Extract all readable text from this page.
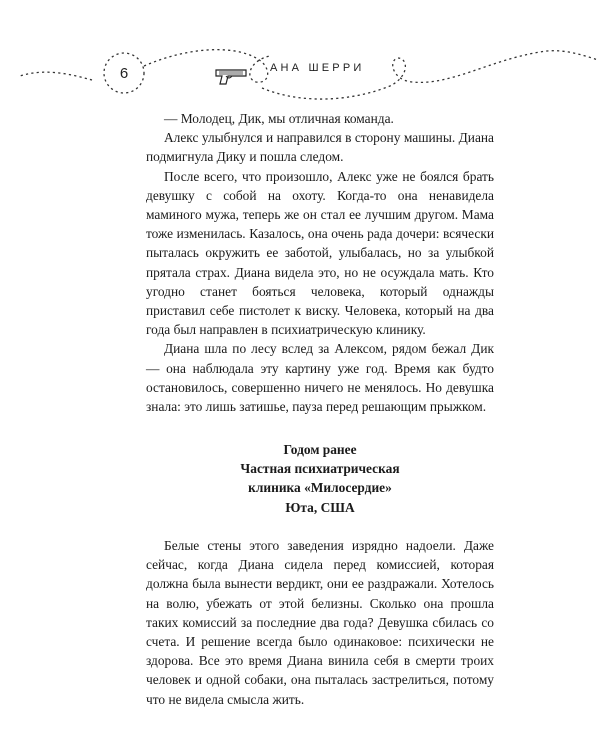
6	АНА ШЕРРИ

— Молодец, Дик, мы отличная команда.

Алекс улыбнулся и направился в сторону машины. Диана подмигнула Дику и пошла следом.

После всего, что произошло, Алекс уже не боялся брать девушку с собой на охоту. Когда-то она ненавидела маминого мужа, теперь же он стал ее лучшим другом. Мама тоже изменилась. Казалось, она очень рада дочери: всячески пыталась окружить ее заботой, улыбалась, но за улыбкой прятала страх. Диана видела это, но не осуждала мать. Кто угодно станет бояться человека, который однажды приставил себе пистолет к виску. Человека, который на два года был направлен в психиатрическую клинику.

Диана шла по лесу вслед за Алексом, рядом бежал Дик — она наблюдала эту картину уже год. Время как будто остановилось, совершенно ничего не менялось. Но девушка знала: это лишь затишье, пауза перед решающим прыжком.

Годом ранее
Частная психиатрическая
клиника «Милосердие»
Юта, США

Белые стены этого заведения изрядно надоели. Даже сейчас, когда Диана сидела перед комиссией, которая должна была вынести вердикт, они ее раздражали. Хотелось на волю, убежать от этой белизны. Сколько она прошла таких комиссий за последние два года? Девушка сбилась со счета. И решение всегда было одинаковое: психически не здорова. Все это время Диана винила себя в смерти троих человек и одной собаки, она пыталась застрелиться, потому что не видела смысла жить.
